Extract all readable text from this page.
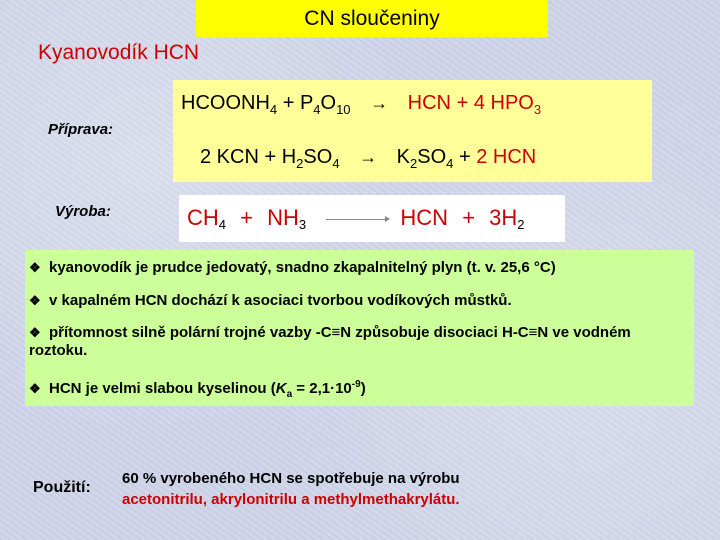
CN sloučeniny
Kyanovodík HCN
Příprava:
$HCOONH_4 + P_4O_{10}$ → HCN + 4 $HPO_3$
2 KCN + $H_2SO_4 \to K_2SO_4 + 2$ HCN
Výroba:	$CH_4 + NH_3$ → HCN + $3H_2$
❖ kyanovodík je prudce jedovatý, snadno zkapalnitelný plyn (t. v. 25,6 °C)
❖ v kapalném HCN dochází k asociaci tvorbou vodíkových můstků.
❖ přítomnost silně polární trojné vazby -C≡N způsobuje disociaci H-C≡N ve vodném roztoku.
❖ HCN je velmi slabou kyselinou $(K_a = 2,1\cdot 10^{-9})$
Použití:
60 % vyrobeného HCN se spotřebuje na výrobu
acetonitrilu, akrylonitrilu a methylmethakrylátu.
